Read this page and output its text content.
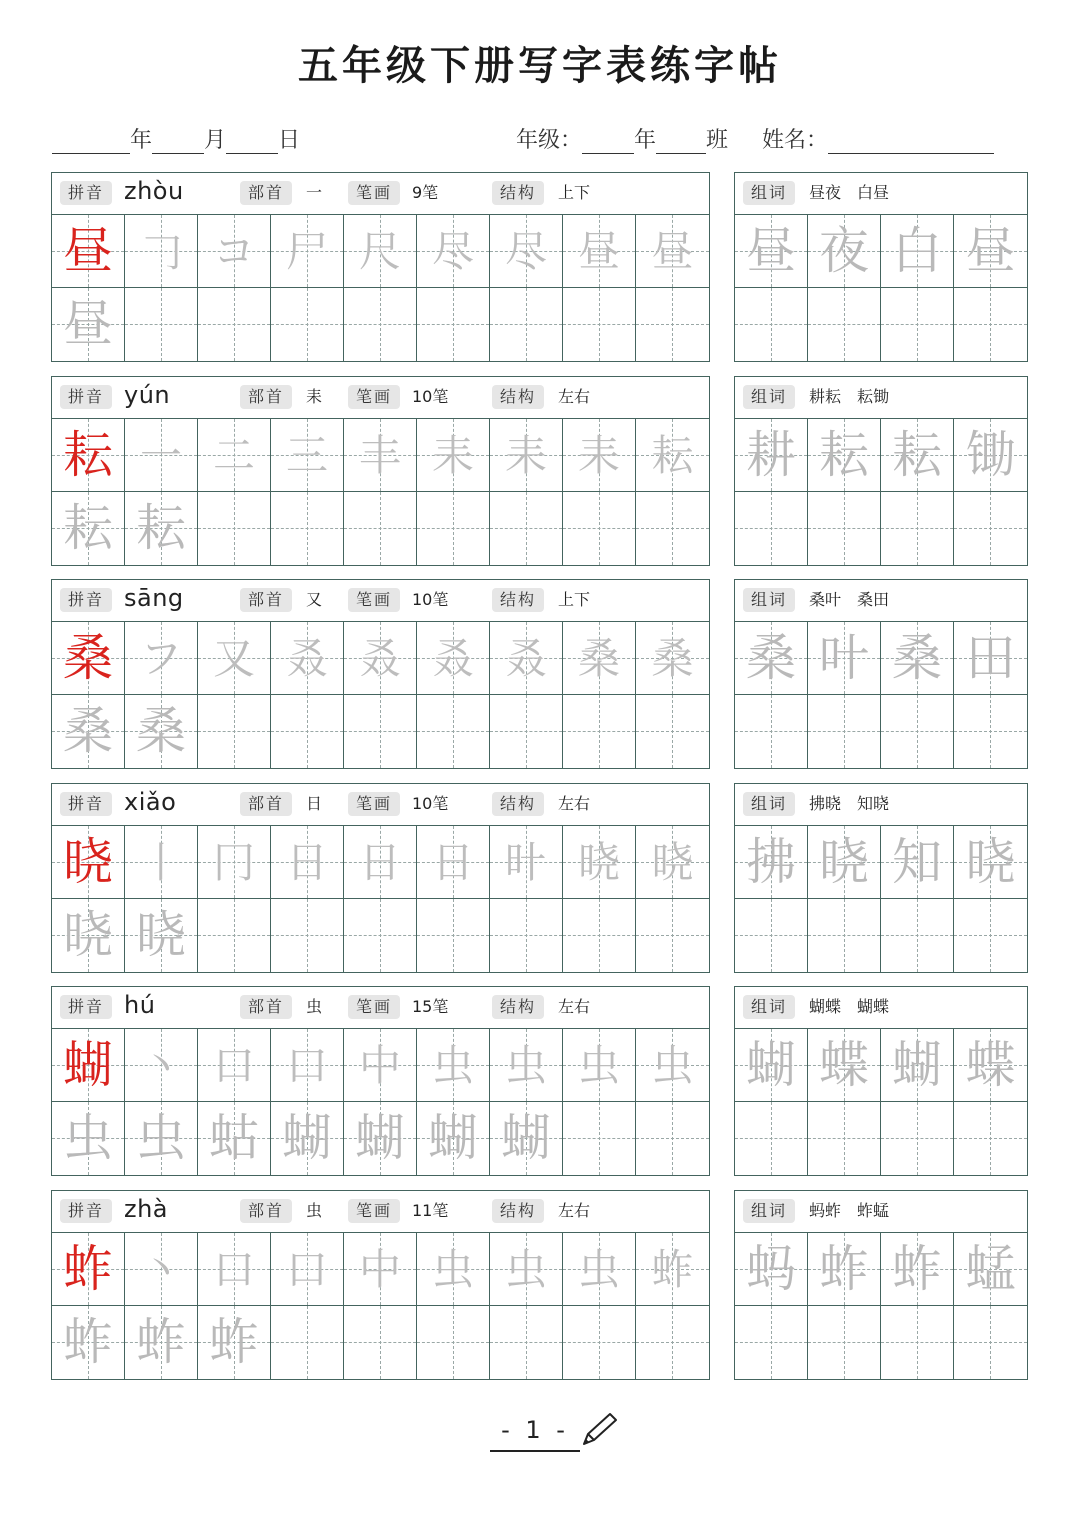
五年级下册写字表练字帖
年 月 日	年级： 年 班 姓名：
拼音 zhòu	部首	一	笔画	9笔	结构	上下
昼 𠃌 コ 尸 尺 尽 尽 昼 昼
昼
组词	昼夜　白昼
昼 夜 白 昼
拼音 yún	部首	耒	笔画	10笔	结构	左右
耘 一 二 三 丰 耒 耒 耒 耘
耘 耘
组词	耕耘　耘锄
耕 耘 耘 锄
拼音 sāng	部首	又	笔画	10笔	结构	上下
桑 フ 又 叒 叒 叒 叒 桑 桑
桑 桑
组词	桑叶　桑田
桑 叶 桑 田
拼音 xiǎo	部首	日	笔画	10笔	结构	左右
晓 丨 冂 日 日 日 旪 晓 晓
晓 晓
组词	拂晓　知晓
拂 晓 知 晓
拼音 hú	部首	虫	笔画	15笔	结构	左右
蝴 丶 口 口 中 虫 虫 虫 虫
虫 虫 蛄 蝴 蝴 蝴 蝴
组词	蝴蝶　蝴蝶
蝴 蝶 蝴 蝶
拼音 zhà	部首	虫	笔画	11笔	结构	左右
蚱 丶 口 口 中 虫 虫 虫 蚱
蚱 蚱 蚱
组词	蚂蚱　蚱蜢
蚂 蚱 蚱 蜢
- 1 -
